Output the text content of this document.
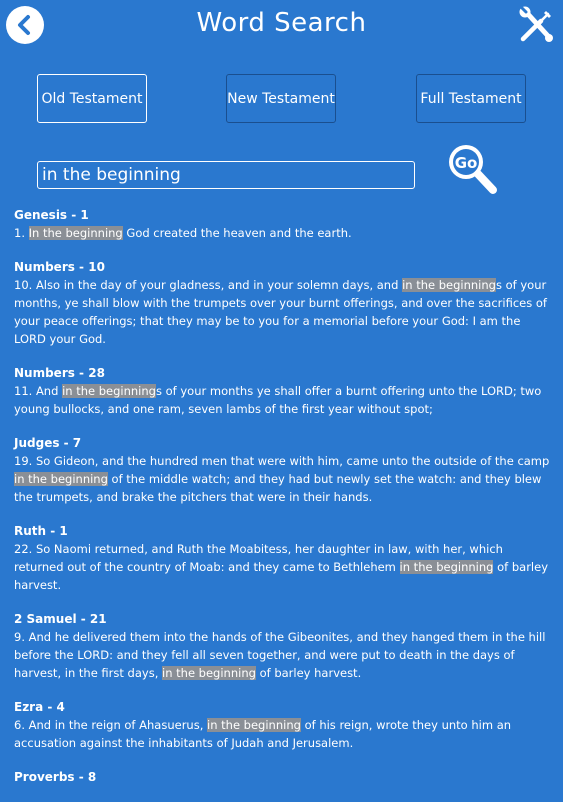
Word Search
Old Testament	New Testament	Full Testament
in the beginning
Go
Genesis - 1
1. In the beginning God created the heaven and the earth.
Numbers - 10
10. Also in the day of your gladness, and in your solemn days, and in the beginnings of your months, ye shall blow with the trumpets over your burnt offerings, and over the sacrifices of your peace offerings; that they may be to you for a memorial before your God: I am the LORD your God.
Numbers - 28
11. And in the beginnings of your months ye shall offer a burnt offering unto the LORD; two young bullocks, and one ram, seven lambs of the first year without spot;
Judges - 7
19. So Gideon, and the hundred men that were with him, came unto the outside of the camp in the beginning of the middle watch; and they had but newly set the watch: and they blew the trumpets, and brake the pitchers that were in their hands.
Ruth - 1
22. So Naomi returned, and Ruth the Moabitess, her daughter in law, with her, which returned out of the country of Moab: and they came to Bethlehem in the beginning of barley harvest.
2 Samuel - 21
9. And he delivered them into the hands of the Gibeonites, and they hanged them in the hill before the LORD: and they fell all seven together, and were put to death in the days of harvest, in the first days, in the beginning of barley harvest.
Ezra - 4
6. And in the reign of Ahasuerus, in the beginning of his reign, wrote they unto him an accusation against the inhabitants of Judah and Jerusalem.
Proverbs - 8
